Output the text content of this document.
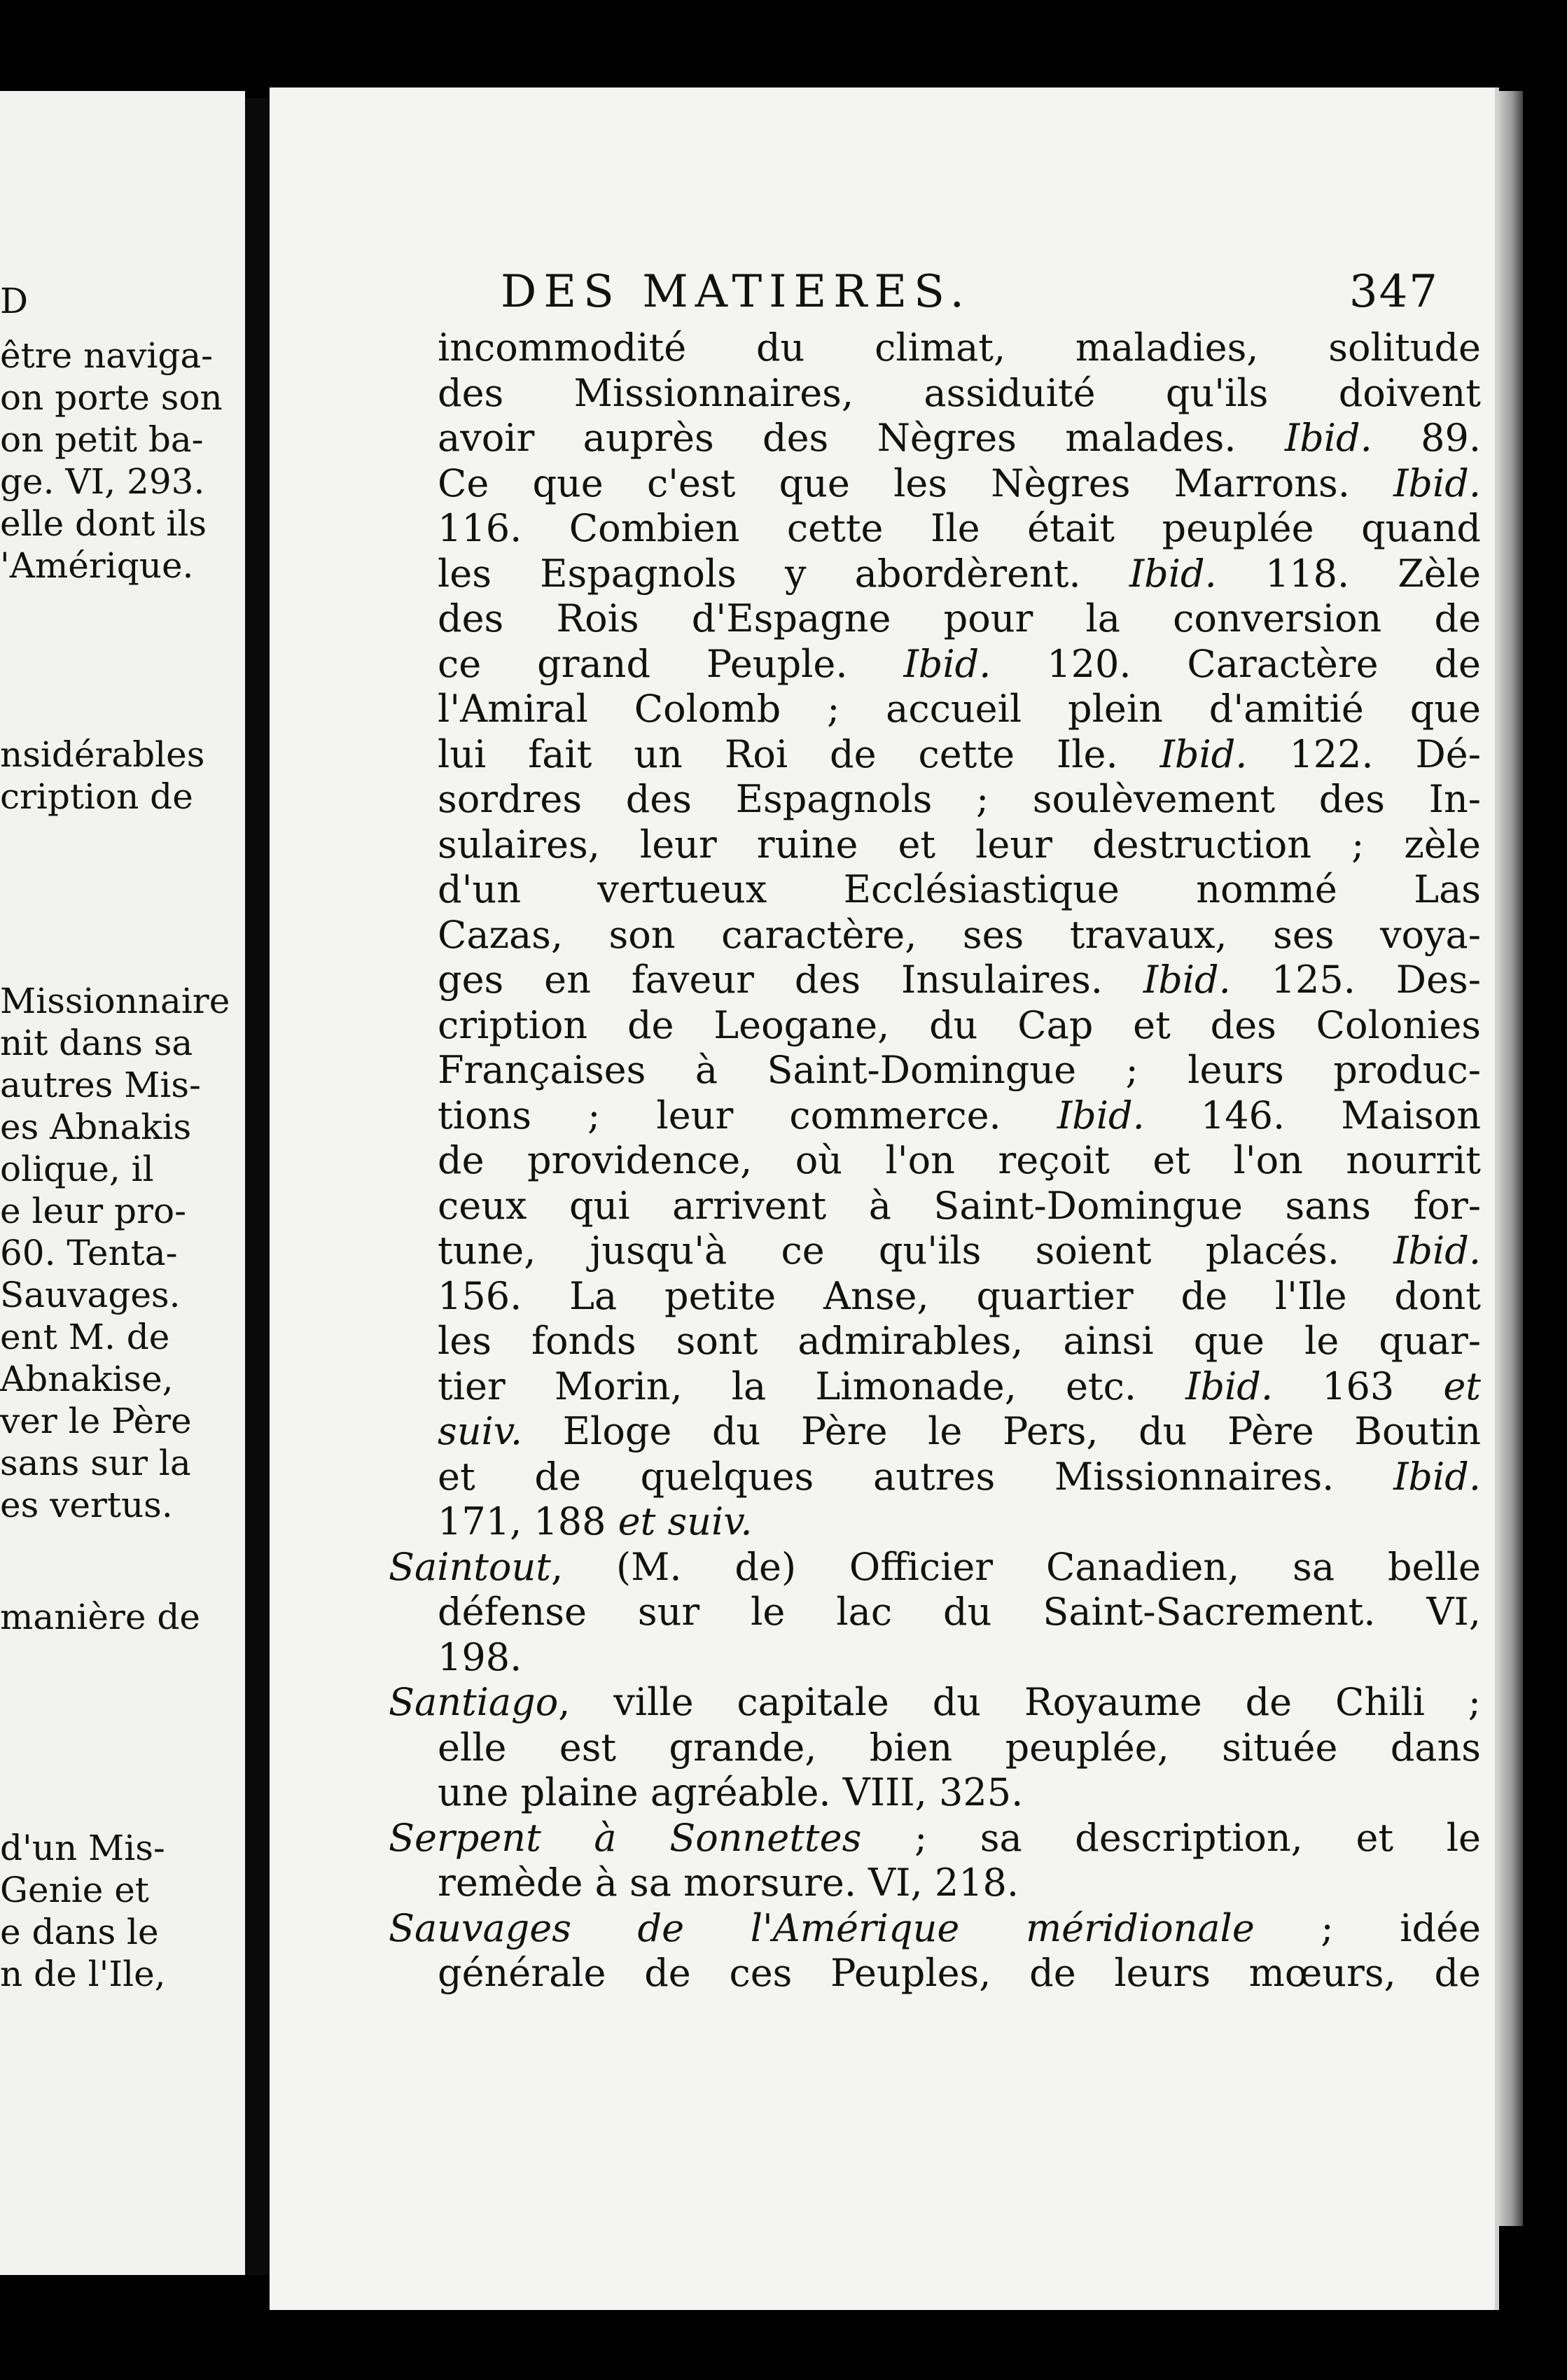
D
être naviga-
on porte son
on petit ba-
ge. VI, 293.
elle dont ils
'Amérique.
nsidérables
cription de
Missionnaire
nit dans sa
autres Mis-
es Abnakis
olique, il
e leur pro-
60. Tenta-
Sauvages.
ent M. de
Abnakise,
ver le Père
sans sur la
es vertus.
manière de
d'un Mis-
Genie et
e dans le
n de l'Ile,
DES MATIERES.	347
incommodité du climat, maladies, solitude
des Missionnaires, assiduité qu'ils doivent
avoir auprès des Nègres malades. Ibid. 89.
Ce que c'est que les Nègres Marrons. Ibid.
116. Combien cette Ile était peuplée quand
les Espagnols y abordèrent. Ibid. 118. Zèle
des Rois d'Espagne pour la conversion de
ce grand Peuple. Ibid. 120. Caractère de
l'Amiral Colomb ; accueil plein d'amitié que
lui fait un Roi de cette Ile. Ibid. 122. Dé-
sordres des Espagnols ; soulèvement des In-
sulaires, leur ruine et leur destruction ; zèle
d'un vertueux Ecclésiastique nommé Las
Cazas, son caractère, ses travaux, ses voya-
ges en faveur des Insulaires. Ibid. 125. Des-
cription de Leogane, du Cap et des Colonies
Françaises à Saint-Domingue ; leurs produc-
tions ; leur commerce. Ibid. 146. Maison
de providence, où l'on reçoit et l'on nourrit
ceux qui arrivent à Saint-Domingue sans for-
tune, jusqu'à ce qu'ils soient placés. Ibid.
156. La petite Anse, quartier de l'Ile dont
les fonds sont admirables, ainsi que le quar-
tier Morin, la Limonade, etc. Ibid. 163 et
suiv. Eloge du Père le Pers, du Père Boutin
et de quelques autres Missionnaires. Ibid.
171, 188 et suiv.
Saintout, (M. de) Officier Canadien, sa belle
défense sur le lac du Saint-Sacrement. VI,
198.
Santiago, ville capitale du Royaume de Chili ;
elle est grande, bien peuplée, située dans
une plaine agréable. VIII, 325.
Serpent à Sonnettes ; sa description, et le
remède à sa morsure. VI, 218.
Sauvages de l'Amérique méridionale ; idée
générale de ces Peuples, de leurs mœurs, de
